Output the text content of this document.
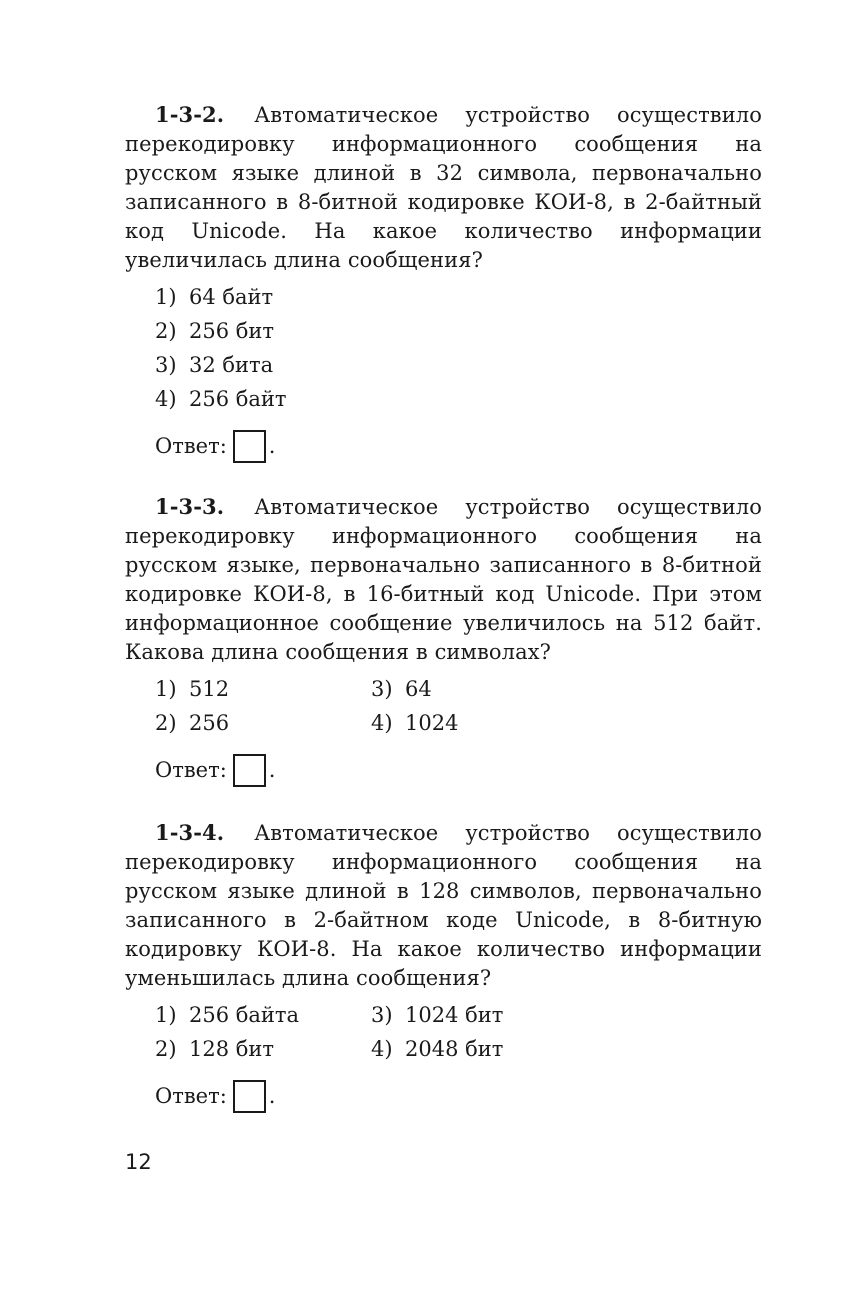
1-3-2. Автоматическое устройство осуществило перекодировку информационного сообщения на русском языке длиной в 32 символа, первоначально записанного в 8-битной кодировке КОИ-8, в 2-байтный код Unicode. На какое количество информации увеличилась длина сообщения?

1) 64 байт
2) 256 бит
3) 32 бита
4) 256 байт
Ответ: .

1-3-3. Автоматическое устройство осуществило перекодировку информационного сообщения на русском языке, первоначально записанного в 8-битной кодировке КОИ-8, в 16-битный код Unicode. При этом информационное сообщение увеличилось на 512 байт. Какова длина сообщения в символах?

1) 512	3) 64
2) 256	4) 1024
Ответ: .

1-3-4. Автоматическое устройство осуществило перекодировку информационного сообщения на русском языке длиной в 128 символов, первоначально записанного в 2-байтном коде Unicode, в 8-битную кодировку КОИ-8. На какое количество информации уменьшилась длина сообщения?

1) 256 байта	3) 1024 бит
2) 128 бит	4) 2048 бит
Ответ: .
12
